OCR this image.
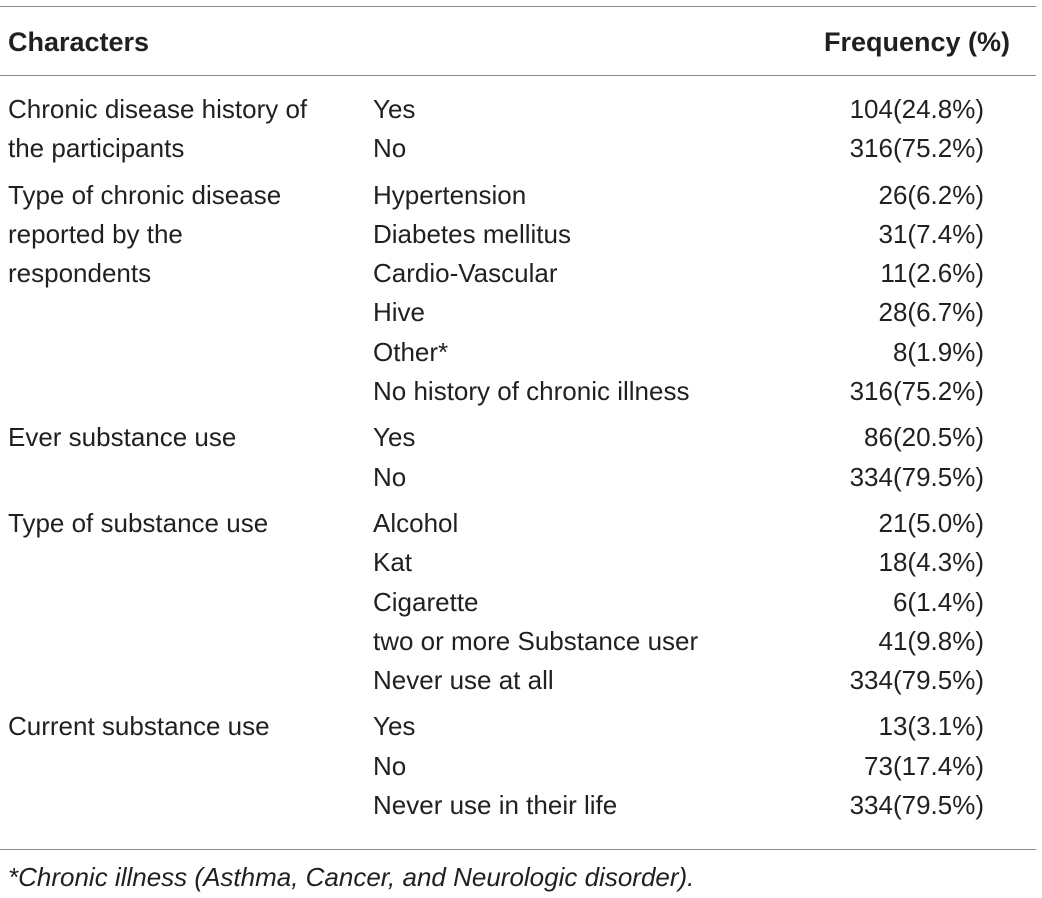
Characters	Frequency (%)
Chronic disease history of
the participants
Yes	104(24.8%)
No	316(75.2%)
Type of chronic disease
reported by the
respondents
Hypertension	26(6.2%)
Diabetes mellitus	31(7.4%)
Cardio-Vascular	11(2.6%)
Hive	28(6.7%)
Other*	8(1.9%)
No history of chronic illness	316(75.2%)
Ever substance use	Yes	86(20.5%)
No	334(79.5%)
Type of substance use	Alcohol	21(5.0%)
Kat	18(4.3%)
Cigarette	6(1.4%)
two or more Substance user	41(9.8%)
Never use at all	334(79.5%)
Current substance use	Yes	13(3.1%)
No	73(17.4%)
Never use in their life	334(79.5%)
*Chronic illness (Asthma, Cancer, and Neurologic disorder).
